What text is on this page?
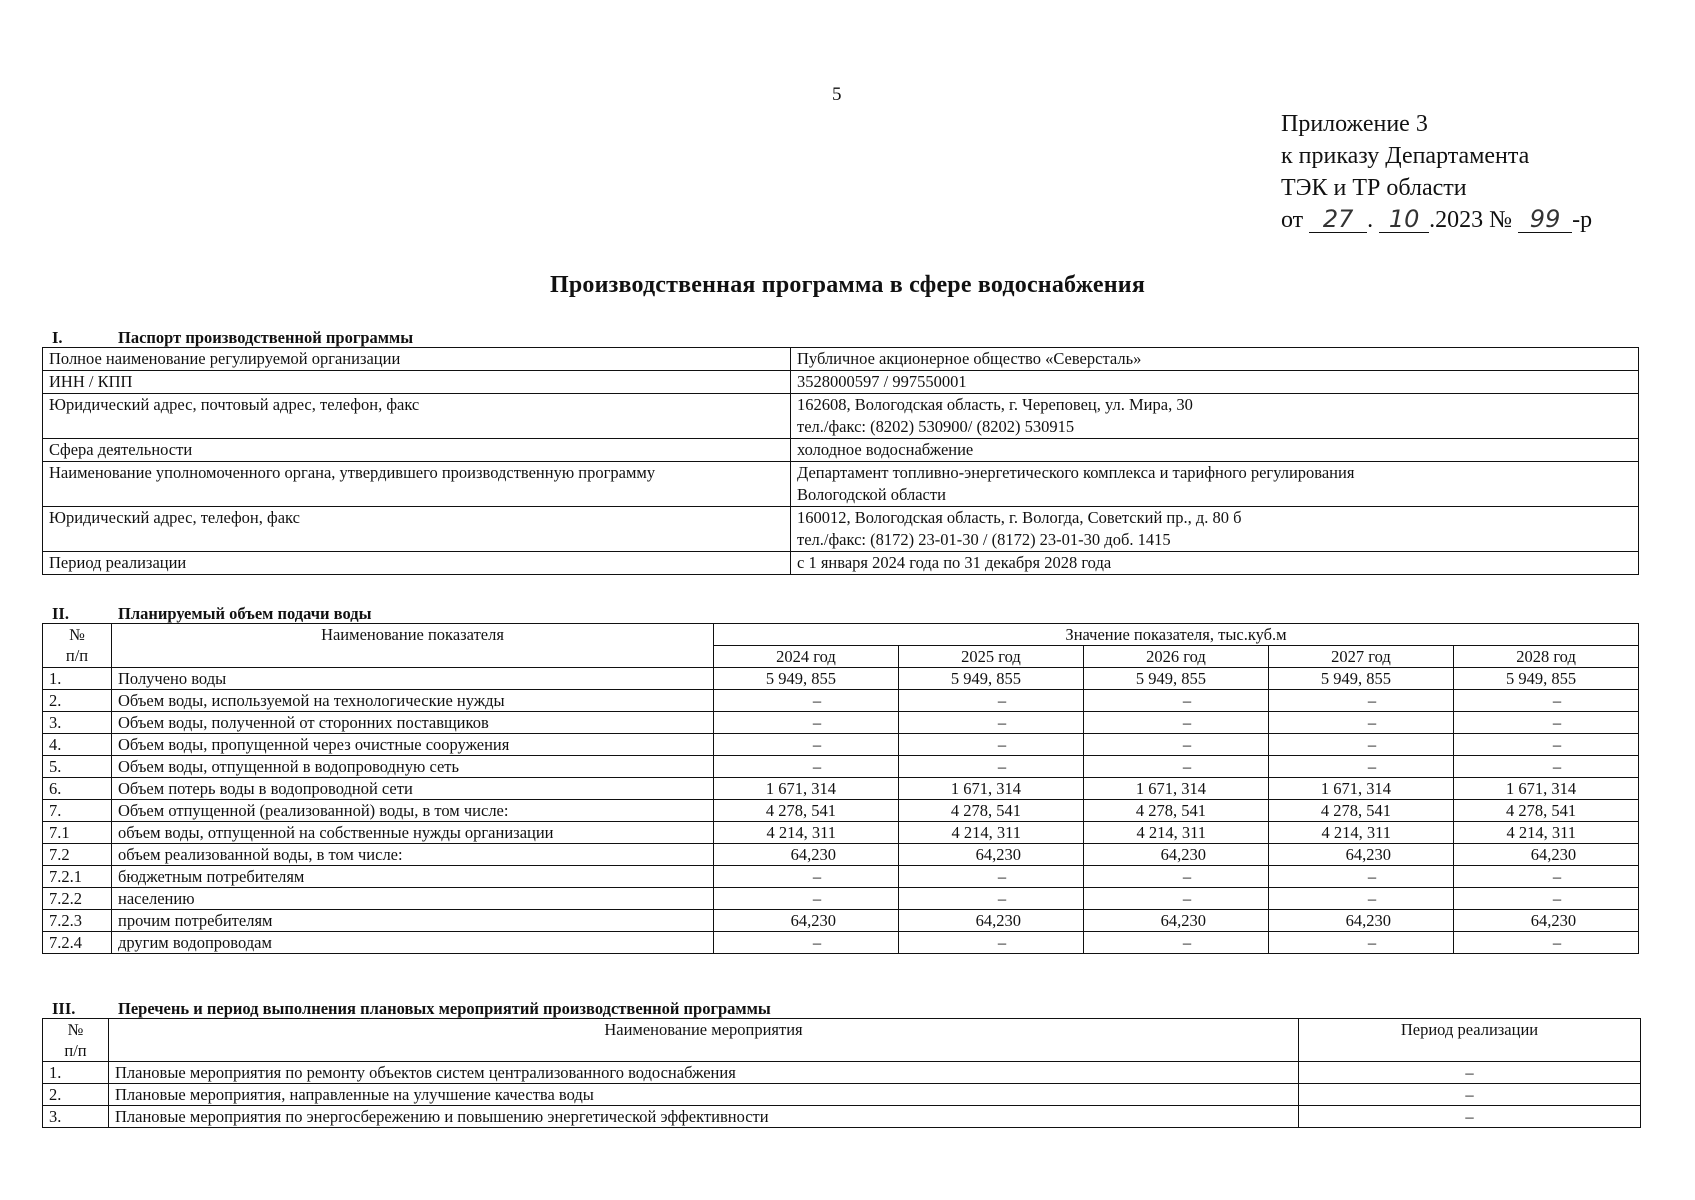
5
Приложение 3
к приказу Департамента
ТЭК и ТР области
от 27 . 10 .2023 № 99 -р
Производственная программа в сфере водоснабжения
I.	Паспорт производственной программы
Полное наименование регулируемой организации	Публичное акционерное общество «Северсталь»

ИНН / КПП	3528000597 / 997550001

Юридический адрес, почтовый адрес, телефон, факс	162608, Вологодская область, г. Череповец, ул. Мира, 30
тел./факс: (8202) 530900/ (8202) 530915

Сфера деятельности	холодное водоснабжение

Наименование уполномоченного органа, утвердившего производственную программу	Департамент топливно-энергетического комплекса и тарифного регулирования
Вологодской области

Юридический адрес, телефон, факс	160012, Вологодская область, г. Вологда, Советский пр., д. 80 б
тел./факс: (8172) 23-01-30 / (8172) 23-01-30 доб. 1415

Период реализации	с 1 января 2024 года по 31 декабря 2028 года
II.	Планируемый объем подачи воды
№
п/п	Наименование показателя	Значение показателя, тыс.куб.м				
		2024 год	2025 год	2026 год	2027 год	2028 год
1.	Получено воды	5 949, 855	5 949, 855	5 949, 855	5 949, 855	5 949, 855
2.	Объем воды, используемой на технологические нужды	–	–	–	–	–
3.	Объем воды, полученной от сторонних поставщиков	–	–	–	–	–
4.	Объем воды, пропущенной через очистные сооружения	–	–	–	–	–
5.	Объем воды, отпущенной в водопроводную сеть	–	–	–	–	–
6.	Объем потерь воды в водопроводной сети	1 671, 314	1 671, 314	1 671, 314	1 671, 314	1 671, 314
7.	Объем отпущенной (реализованной) воды, в том числе:	4 278, 541	4 278, 541	4 278, 541	4 278, 541	4 278, 541
7.1	объем воды, отпущенной на собственные нужды организации	4 214, 311	4 214, 311	4 214, 311	4 214, 311	4 214, 311
7.2	объем реализованной воды, в том числе:	64,230	64,230	64,230	64,230	64,230
7.2.1	бюджетным потребителям	–	–	–	–	–
7.2.2	населению	–	–	–	–	–
7.2.3	прочим потребителям	64,230	64,230	64,230	64,230	64,230
7.2.4	другим водопроводам	–	–	–	–	–
III.	Перечень и период выполнения плановых мероприятий производственной программы
№
п/п	Наименование мероприятия	Период реализации
1.	Плановые мероприятия по ремонту объектов систем централизованного водоснабжения	–
2.	Плановые мероприятия, направленные на улучшение качества воды	–
3.	Плановые мероприятия по энергосбережению и повышению энергетической эффективности	–
